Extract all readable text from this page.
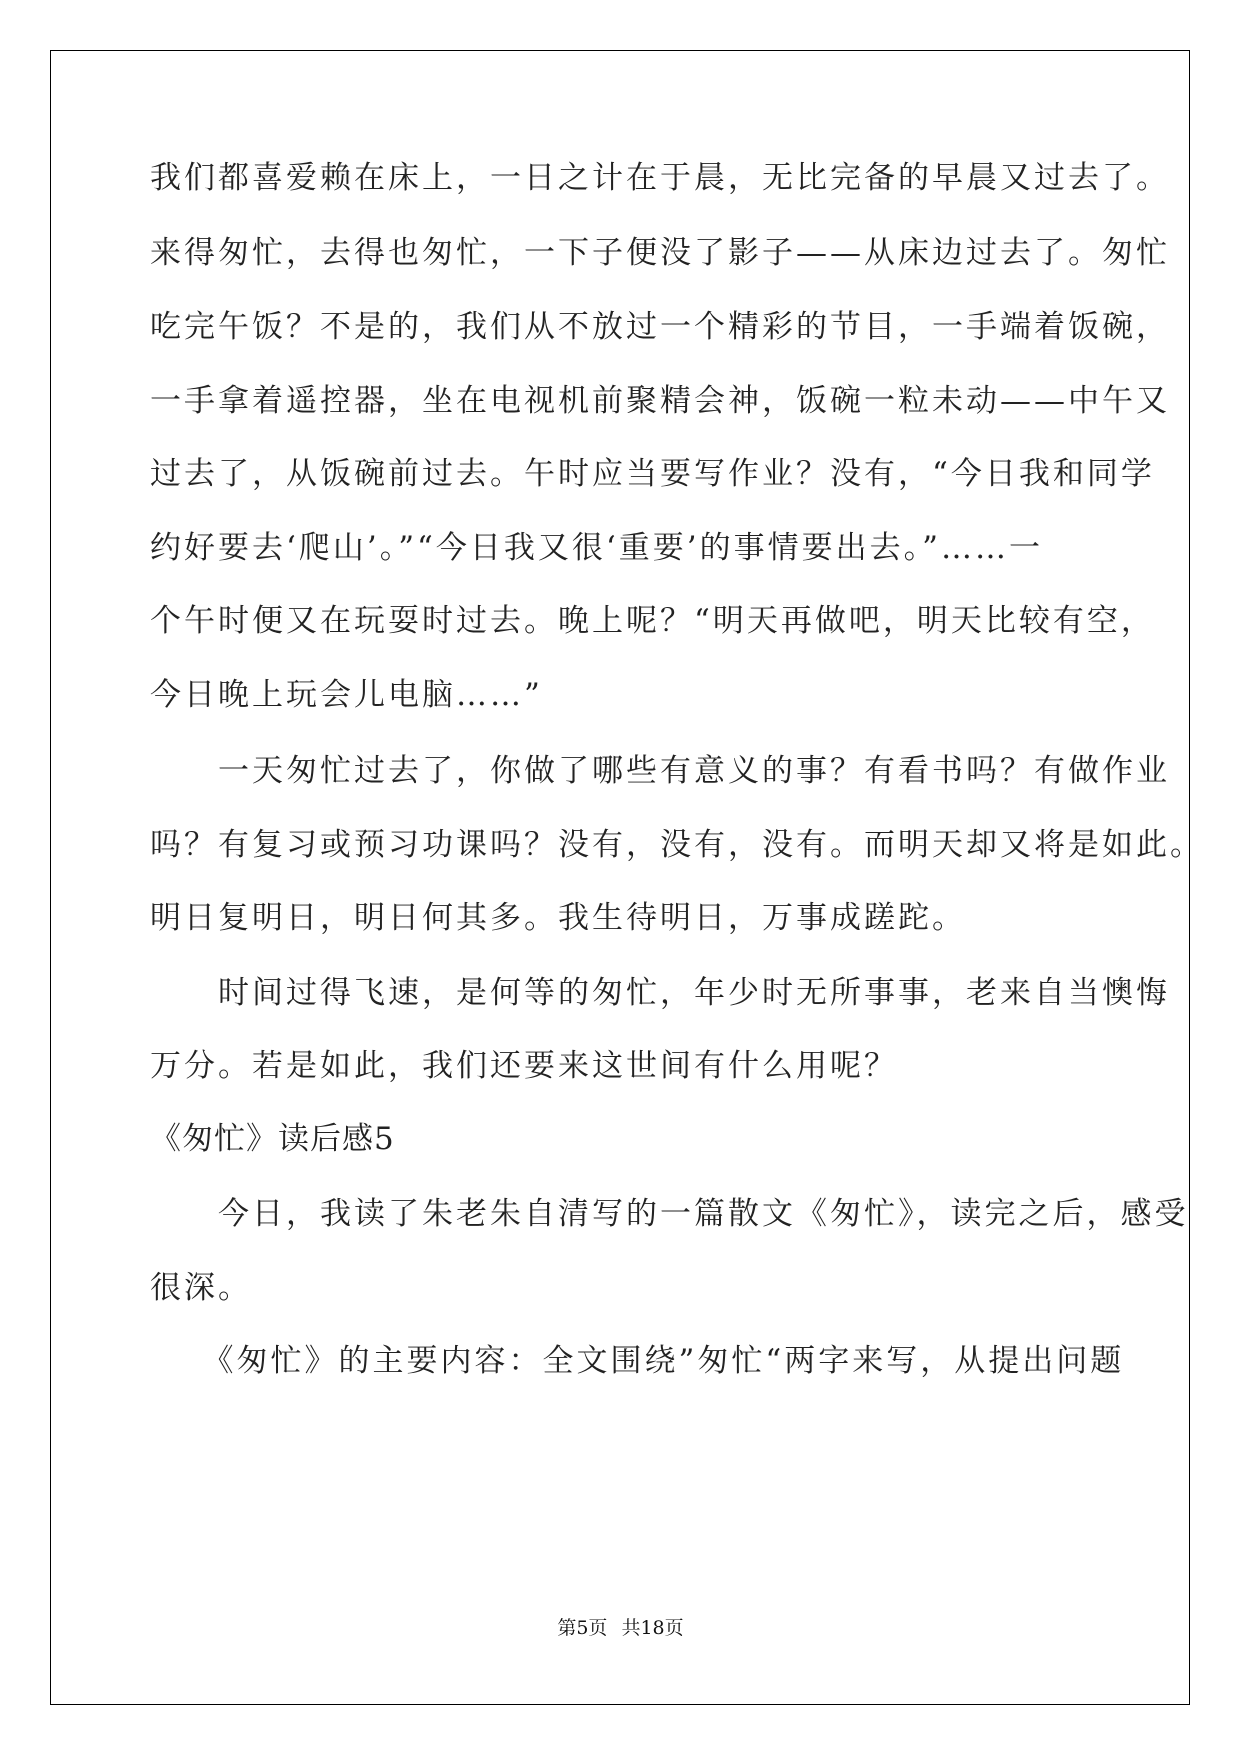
我们都喜爱赖在床上，一日之计在于晨，无比完备的早晨又过去了。
来得匆忙，去得也匆忙，一下子便没了影子——从床边过去了。匆忙
吃完午饭？不是的，我们从不放过一个精彩的节目，一手端着饭碗，
一手拿着遥控器，坐在电视机前聚精会神，饭碗一粒未动——中午又
过去了，从饭碗前过去。午时应当要写作业？没有，“今日我和同学
约好要去‘爬山’。”“今日我又很‘重要’的事情要出去。”……一
个午时便又在玩耍时过去。晚上呢？“明天再做吧，明天比较有空，
今日晚上玩会儿电脑……”
　　一天匆忙过去了，你做了哪些有意义的事？有看书吗？有做作业
吗？有复习或预习功课吗？没有，没有，没有。而明天却又将是如此。
明日复明日，明日何其多。我生待明日，万事成蹉跎。
　　时间过得飞速，是何等的匆忙，年少时无所事事，老来自当懊悔
万分。若是如此，我们还要来这世间有什么用呢？
《匆忙》读后感5
　　今日，我读了朱老朱自清写的一篇散文《匆忙》，读完之后，感受
很深。
　　《匆忙》的主要内容：全文围绕”匆忙“两字来写，从提出问题
第5页 共18页
